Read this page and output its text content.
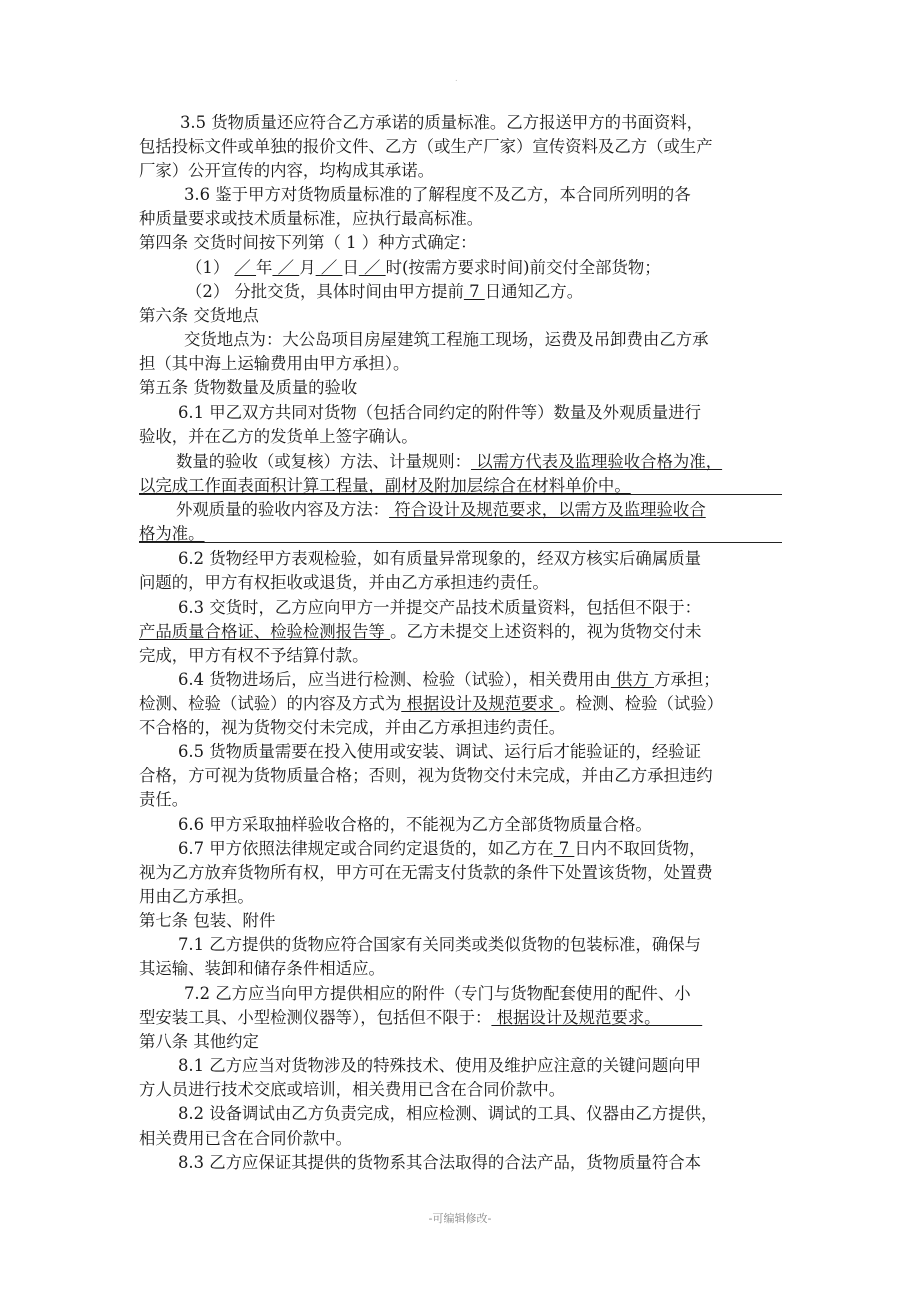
.
3.5 货物质量还应符合乙方承诺的质量标准。乙方报送甲方的书面资料，
包括投标文件或单独的报价文件、乙方（或生产厂家）宣传资料及乙方（或生产
厂家）公开宣传的内容，均构成其承诺。
3.6 鉴于甲方对货物质量标准的了解程度不及乙方，本合同所列明的各
种质量要求或技术质量标准，应执行最高标准。
第四条 交货时间按下列第（ 1 ）种方式确定：
（1） ／ 年 ／ 月 ／ 日 ／ 时(按需方要求时间)前交付全部货物；
（2） 分批交货，具体时间由甲方提前 7 日通知乙方。
第六条 交货地点
交货地点为：大公岛项目房屋建筑工程施工现场，运费及吊卸费由乙方承
担（其中海上运输费用由甲方承担）。
第五条 货物数量及质量的验收
6.1 甲乙双方共同对货物（包括合同约定的附件等）数量及外观质量进行
验收，并在乙方的发货单上签字确认。
数量的验收（或复核）方法、计量规则： 以需方代表及监理验收合格为准，
以完成工作面表面积计算工程量，副材及附加层综合在材料单价中。
外观质量的验收内容及方法： 符合设计及规范要求，以需方及监理验收合
格为准。
6.2 货物经甲方表观检验，如有质量异常现象的，经双方核实后确属质量
问题的，甲方有权拒收或退货，并由乙方承担违约责任。
6.3 交货时，乙方应向甲方一并提交产品技术质量资料，包括但不限于：
产品质量合格证、检验检测报告等 。乙方未提交上述资料的，视为货物交付未
完成，甲方有权不予结算付款。
6.4 货物进场后，应当进行检测、检验（试验），相关费用由 供方 方承担；
检测、检验（试验）的内容及方式为 根据设计及规范要求 。检测、检验（试验）
不合格的，视为货物交付未完成，并由乙方承担违约责任。
6.5 货物质量需要在投入使用或安装、调试、运行后才能验证的，经验证
合格，方可视为货物质量合格；否则，视为货物交付未完成，并由乙方承担违约
责任。
6.6 甲方采取抽样验收合格的，不能视为乙方全部货物质量合格。
6.7 甲方依照法律规定或合同约定退货的，如乙方在 7 日内不取回货物，
视为乙方放弃货物所有权，甲方可在无需支付货款的条件下处置该货物，处置费
用由乙方承担。
第七条 包装、附件
7.1 乙方提供的货物应符合国家有关同类或类似货物的包装标准，确保与
其运输、装卸和储存条件相适应。
7.2 乙方应当向甲方提供相应的附件（专门与货物配套使用的配件、小
型安装工具、小型检测仪器等），包括但不限于： 根据设计及规范要求。
第八条 其他约定
8.1 乙方应当对货物涉及的特殊技术、使用及维护应注意的关键问题向甲
方人员进行技术交底或培训，相关费用已含在合同价款中。
8.2 设备调试由乙方负责完成，相应检测、调试的工具、仪器由乙方提供，
相关费用已含在合同价款中。
8.3 乙方应保证其提供的货物系其合法取得的合法产品，货物质量符合本
-可编辑修改-
